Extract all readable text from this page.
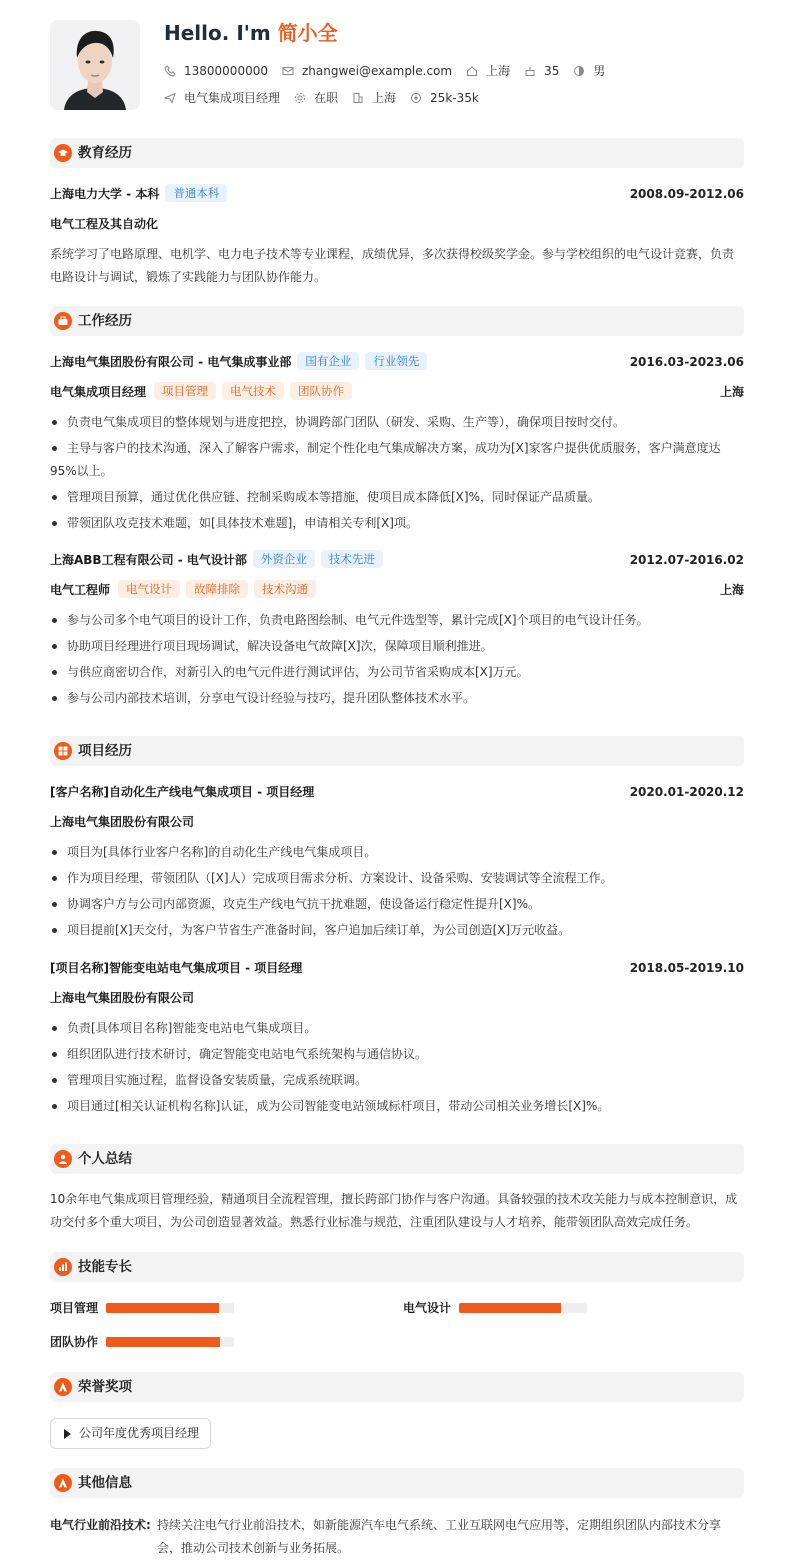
Hello. I'm 简小全
13800000000	zhangwei@example.com	上海	35	男
电气集成项目经理	在职	上海	25k-35k
教育经历
上海电力大学 - 本科 普通本科	2008.09-2012.06
电气工程及其自动化
系统学习了电路原理、电机学、电力电子技术等专业课程，成绩优异，多次获得校级奖学金。参与学校组织的电气设计竞赛，负责
电路设计与调试，锻炼了实践能力与团队协作能力。
工作经历
上海电气集团股份有限公司 - 电气集成事业部 国有企业 行业领先	2016.03-2023.06
电气集成项目经理 项目管理 电气技术 团队协作	上海
负责电气集成项目的整体规划与进度把控，协调跨部门团队（研发、采购、生产等），确保项目按时交付。
主导与客户的技术沟通，深入了解客户需求，制定个性化电气集成解决方案，成功为[X]家客户提供优质服务，客户满意度达
95%以上。
管理项目预算，通过优化供应链、控制采购成本等措施，使项目成本降低[X]%，同时保证产品质量。
带领团队攻克技术难题，如[具体技术难题]，申请相关专利[X]项。
上海ABB工程有限公司 - 电气设计部 外资企业 技术先进	2012.07-2016.02
电气工程师 电气设计 故障排除 技术沟通	上海
参与公司多个电气项目的设计工作，负责电路图绘制、电气元件选型等，累计完成[X]个项目的电气设计任务。
协助项目经理进行项目现场调试，解决设备电气故障[X]次，保障项目顺利推进。
与供应商密切合作，对新引入的电气元件进行测试评估，为公司节省采购成本[X]万元。
参与公司内部技术培训，分享电气设计经验与技巧，提升团队整体技术水平。
项目经历
[客户名称]自动化生产线电气集成项目 - 项目经理	2020.01-2020.12
上海电气集团股份有限公司
项目为[具体行业客户名称]的自动化生产线电气集成项目。
作为项目经理，带领团队（[X]人）完成项目需求分析、方案设计、设备采购、安装调试等全流程工作。
协调客户方与公司内部资源，攻克生产线电气抗干扰难题，使设备运行稳定性提升[X]%。
项目提前[X]天交付，为客户节省生产准备时间，客户追加后续订单，为公司创造[X]万元收益。
[项目名称]智能变电站电气集成项目 - 项目经理	2018.05-2019.10
上海电气集团股份有限公司
负责[具体项目名称]智能变电站电气集成项目。
组织团队进行技术研讨，确定智能变电站电气系统架构与通信协议。
管理项目实施过程，监督设备安装质量，完成系统联调。
项目通过[相关认证机构名称]认证，成为公司智能变电站领域标杆项目，带动公司相关业务增长[X]%。
个人总结
10余年电气集成项目管理经验，精通项目全流程管理，擅长跨部门协作与客户沟通。具备较强的技术攻关能力与成本控制意识，成
功交付多个重大项目，为公司创造显著效益。熟悉行业标准与规范，注重团队建设与人才培养，能带领团队高效完成任务。
技能专长
项目管理	电气设计
团队协作
荣誉奖项
公司年度优秀项目经理
其他信息
电气行业前沿技术: 持续关注电气行业前沿技术，如新能源汽车电气系统、工业互联网电气应用等，定期组织团队内部技术分享
会，推动公司技术创新与业务拓展。
